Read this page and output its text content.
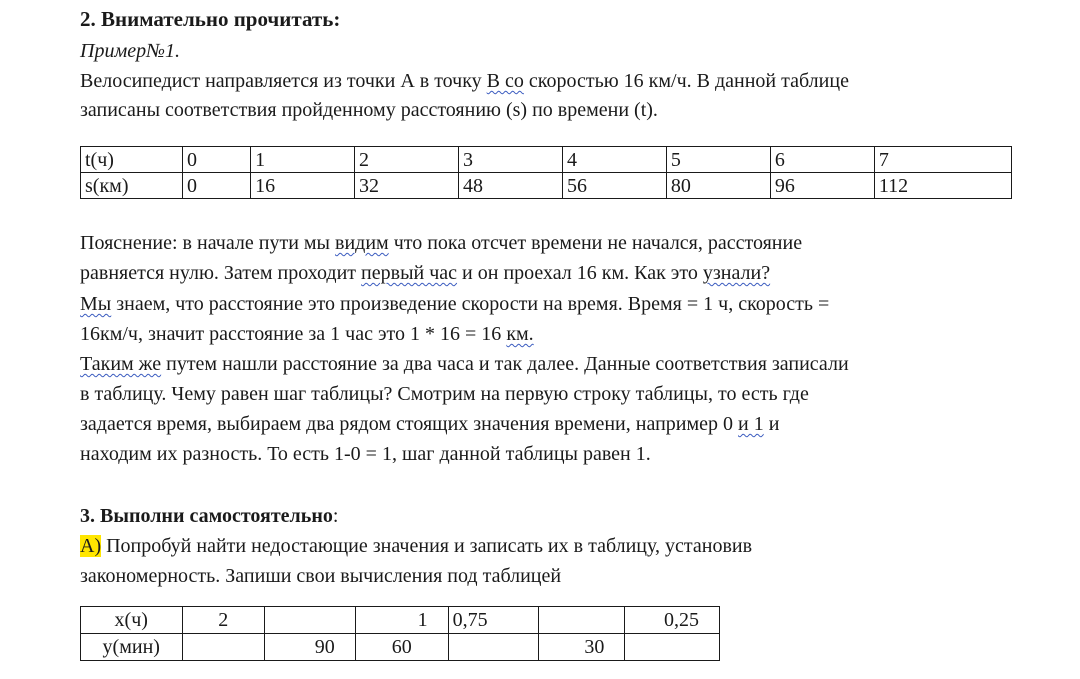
2. Внимательно прочитать:
Пример№1.
Велосипедист направляется из точки А в точку В со скоростью 16 км/ч. В данной таблице
записаны соответствия пройденному расстоянию (s) по времени (t).
t(ч)	0	1	2	3	4	5	6	7
s(км)	0	16	32	48	56	80	96	112
Пояснение: в начале пути мы видим что пока отсчет времени не начался, расстояние
равняется нулю. Затем проходит первый час и он проехал 16 км. Как это узнали?
Мы знаем, что расстояние это произведение скорости на время. Время = 1 ч, скорость =
16км/ч, значит расстояние за 1 час это 1 * 16 = 16 км.
Таким же путем нашли расстояние за два часа и так далее. Данные соответствия записали
в таблицу. Чему равен шаг таблицы? Смотрим на первую строку таблицы, то есть где
задается время, выбираем два рядом стоящих значения времени, например 0 и 1 и
находим их разность. То есть 1-0 = 1, шаг данной таблицы равен 1.
3. Выполни самостоятельно:
А) Попробуй найти недостающие значения и записать их в таблицу, установив
закономерность. Запиши свои вычисления под таблицей
х(ч)	2		1	0,75		0,25
у(мин)		90	60		30	
